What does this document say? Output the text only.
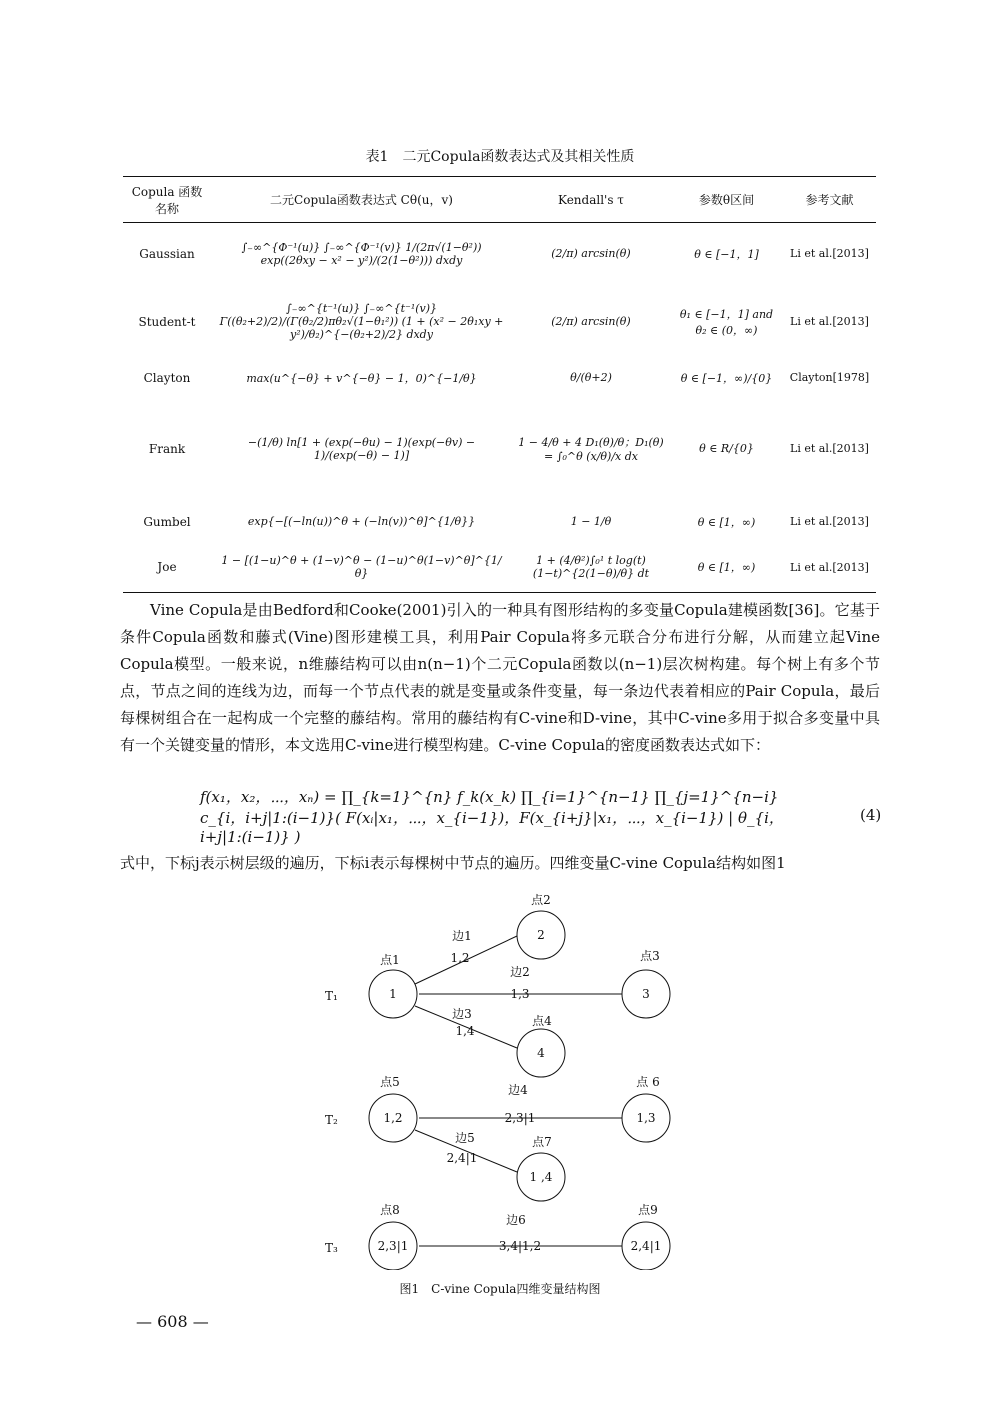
表1　二元Copula函数表达式及其相关性质
Copula 函数名称	二元Copula函数表达式 Cθ(u，v)	Kendall's τ	参数θ区间	参考文献
Gaussian	∫₋∞^{Φ⁻¹(u)} ∫₋∞^{Φ⁻¹(v)} 1/(2π√(1−θ²)) exp((2θxy − x² − y²)/(2(1−θ²))) dxdy	(2/π) arcsin(θ)	θ ∈ [−1，1]	Li et al.[2013]
Student-t	∫₋∞^{t⁻¹(u)} ∫₋∞^{t⁻¹(v)} Γ((θ₂+2)/2)/(Γ(θ₂/2)πθ₂√(1−θ₁²)) (1 + (x² − 2θ₁xy + y²)/θ₂)^{−(θ₂+2)/2} dxdy	(2/π) arcsin(θ)	θ₁ ∈ [−1，1] and θ₂ ∈ (0，∞)	Li et al.[2013]
Clayton	max(u^{−θ} + v^{−θ} − 1，0)^{−1/θ}	θ/(θ+2)	θ ∈ [−1，∞)/{0}	Clayton[1978]
Frank	−(1/θ) ln[1 + (exp(−θu) − 1)(exp(−θv) − 1)/(exp(−θ) − 1)]	1 − 4/θ + 4 D₁(θ)/θ；D₁(θ) = ∫₀^θ (x/θ)/x dx	θ ∈ R/{0}	Li et al.[2013]
Gumbel	exp{−[(−ln(u))^θ + (−ln(v))^θ]^{1/θ}}	1 − 1/θ	θ ∈ [1，∞)	Li et al.[2013]
Joe	1 − [(1−u)^θ + (1−v)^θ − (1−u)^θ(1−v)^θ]^{1/θ}	1 + (4/θ²)∫₀¹ t log(t)(1−t)^{2(1−θ)/θ} dt	θ ∈ [1，∞)	Li et al.[2013]

Vine Copula是由Bedford和Cooke(2001)引入的一种具有图形结构的多变量Copula建模函数[36]。它基于条件Copula函数和藤式(Vine)图形建模工具，利用Pair Copula将多元联合分布进行分解，从而建立起Vine Copula模型。一般来说，n维藤结构可以由n(n−1)个二元Copula函数以(n−1)层次树构建。每个树上有多个节点，节点之间的连线为边，而每一个节点代表的就是变量或条件变量，每一条边代表着相应的Pair Copula，最后每棵树组合在一起构成一个完整的藤结构。常用的藤结构有C-vine和D-vine，其中C-vine多用于拟合多变量中具有一个关键变量的情形，本文选用C-vine进行模型构建。C-vine Copula的密度函数表达式如下：

f(x₁，x₂，⋯，xₙ) = ∏_{k=1}^{n} f_k(x_k) ∏_{i=1}^{n−1} ∏_{j=1}^{n−i} c_{i，i+j|1:(i−1)}( F(xᵢ|x₁，⋯，x_{i−1})，F(x_{i+j}|x₁，⋯，x_{i−1}) | θ_{i，i+j|1:(i−1)} )
(4)

式中，下标j表示树层级的遍历，下标i表示每棵树中节点的遍历。四维变量C-vine Copula结构如图1

T₁
T₂
T₃
1
2
3
4
1,2	1,3
1 ,4
2,3|1	2,4|1
点1
点2
点3
点4
点5	点 6
点7
点8	点9
边1
1,2
边2
1,3
边3
1,4
边4
2,3|1
边5
2,4|1
边6
3,4|1,2
图1　C-vine Copula四维变量结构图
— 608 —
